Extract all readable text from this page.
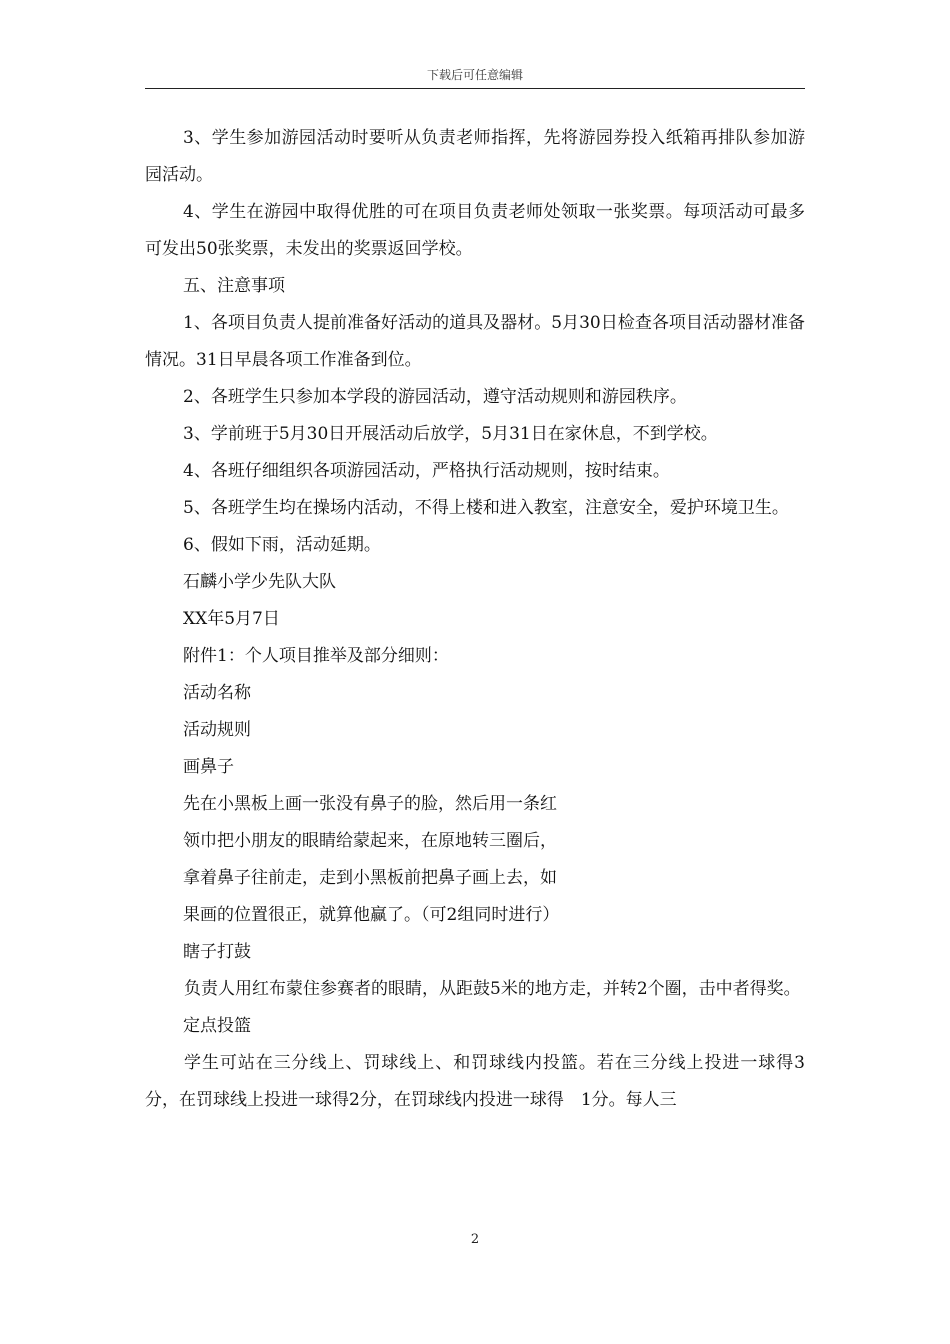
下载后可任意编辑

3、学生参加游园活动时要听从负责老师指挥，先将游园券投入纸箱再排队参加游园活动。

4、学生在游园中取得优胜的可在项目负责老师处领取一张奖票。每项活动可最多可发出50张奖票，未发出的奖票返回学校。

五、注意事项

1、各项目负责人提前准备好活动的道具及器材。5月30日检查各项目活动器材准备情况。31日早晨各项工作准备到位。

2、各班学生只参加本学段的游园活动，遵守活动规则和游园秩序。

3、学前班于5月30日开展活动后放学，5月31日在家休息，不到学校。

4、各班仔细组织各项游园活动，严格执行活动规则，按时结束。

5、各班学生均在操场内活动，不得上楼和进入教室，注意安全，爱护环境卫生。

6、假如下雨，活动延期。

石麟小学少先队大队

XX年5月7日

附件1：个人项目推举及部分细则：

活动名称

活动规则

画鼻子

先在小黑板上画一张没有鼻子的脸，然后用一条红

领巾把小朋友的眼睛给蒙起来，在原地转三圈后，

拿着鼻子往前走，走到小黑板前把鼻子画上去，如

果画的位置很正，就算他赢了。（可2组同时进行）

瞎子打鼓

负责人用红布蒙住参赛者的眼睛，从距鼓5米的地方走，并转2个圈，击中者得奖。

定点投篮

学生可站在三分线上、罚球线上、和罚球线内投篮。若在三分线上投进一球得3分，在罚球线上投进一球得2分，在罚球线内投进一球得　1分。每人三

2
